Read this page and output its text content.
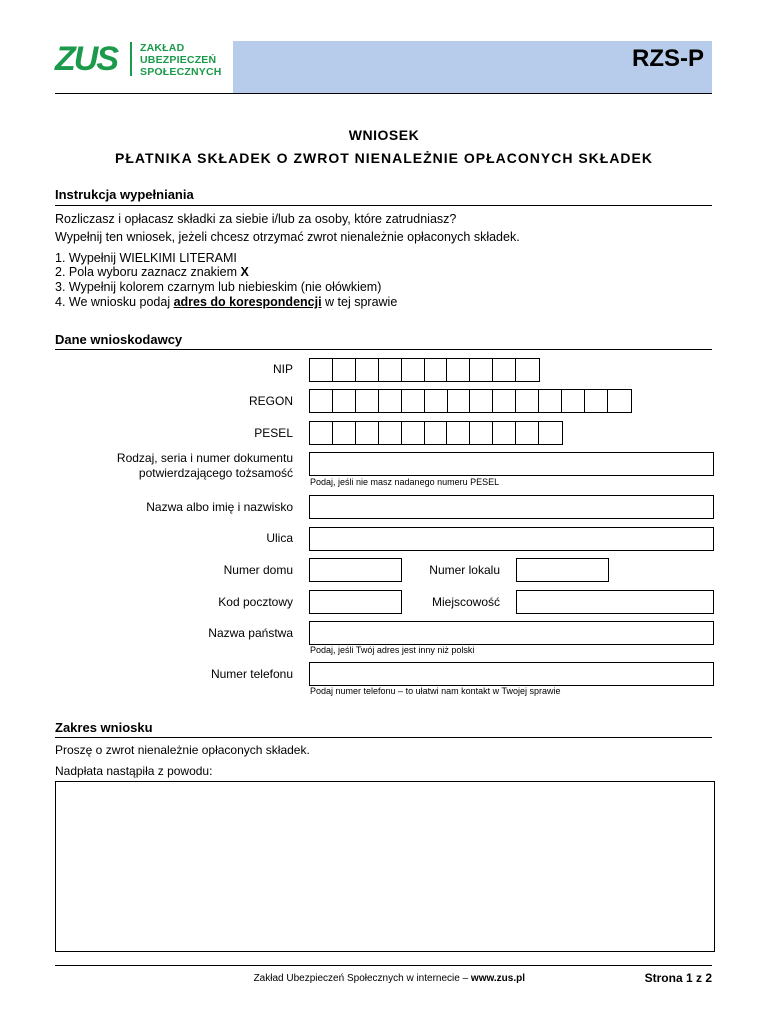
ZUS ZAKŁAD
UBEZPIECZEŃ
SPOŁECZNYCH	RZS-P
WNIOSEK
PŁATNIKA SKŁADEK O ZWROT NIENALEŻNIE OPŁACONYCH SKŁADEK
Instrukcja wypełniania
Rozliczasz i opłacasz składki za siebie i/lub za osoby, które zatrudniasz?
Wypełnij ten wniosek, jeżeli chcesz otrzymać zwrot nienależnie opłaconych składek.
1. Wypełnij WIELKIMI LITERAMI
2. Pola wyboru zaznacz znakiem X
3. Wypełnij kolorem czarnym lub niebieskim (nie ołówkiem)
4. We wniosku podaj adres do korespondencji w tej sprawie
Dane wnioskodawcy
NIP
REGON
PESEL
Rodzaj, seria i numer dokumentu
potwierdzającego tożsamość
Podaj, jeśli nie masz nadanego numeru PESEL
Nazwa albo imię i nazwisko
Ulica
Numer domu	Numer lokalu
Kod pocztowy	Miejscowość
Nazwa państwa
Podaj, jeśli Twój adres jest inny niż polski
Numer telefonu
Podaj numer telefonu – to ułatwi nam kontakt w Twojej sprawie
Zakres wniosku
Proszę o zwrot nienależnie opłaconych składek.
Nadpłata nastąpiła z powodu:
Zakład Ubezpieczeń Społecznych w internecie – www.zus.pl	Strona 1 z 2
